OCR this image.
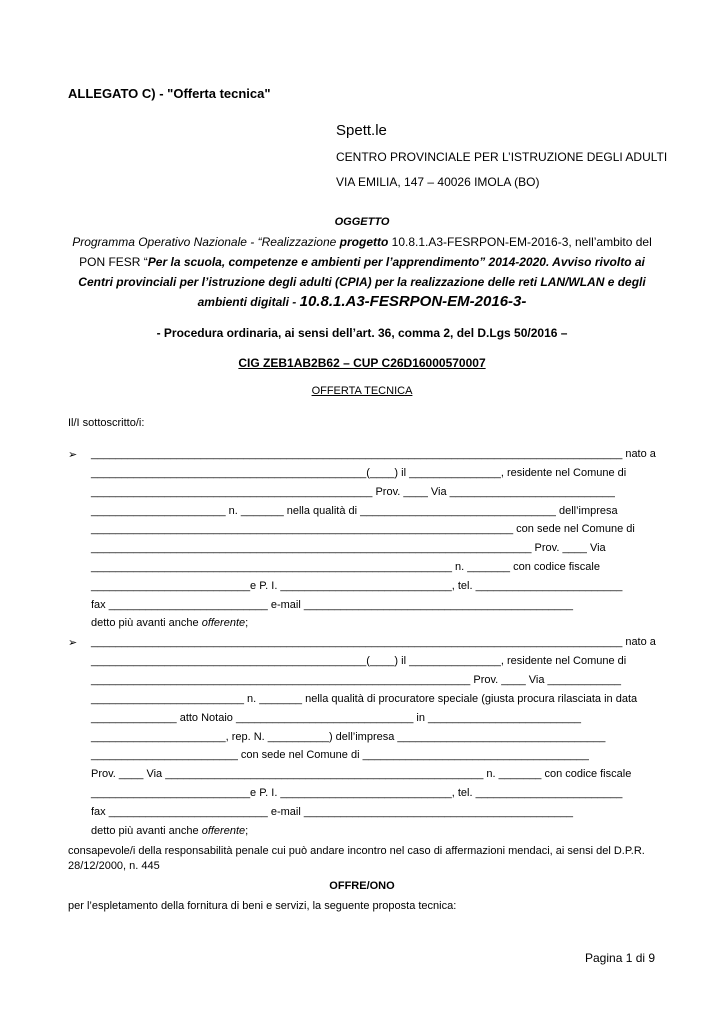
ALLEGATO C) - "Offerta tecnica"
Spett.le
CENTRO PROVINCIALE PER L’ISTRUZIONE DEGLI ADULTI
VIA EMILIA, 147 – 40026 IMOLA (BO)
OGGETTO
Programma Operativo Nazionale - “Realizzazione progetto 10.8.1.A3-FESRPON-EM-2016-3, nell’ambito del PON FESR “Per la scuola, competenze e ambienti per l’apprendimento” 2014-2020. Avviso rivolto ai Centri provinciali per l’istruzione degli adulti (CPIA) per la realizzazione delle reti LAN/WLAN e degli ambienti digitali - 10.8.1.A3-FESRPON-EM-2016-3-
- Procedura ordinaria, ai sensi dell’art. 36, comma 2, del D.Lgs 50/2016 –
CIG ZEB1AB2B62 – CUP C26D16000570007
OFFERTA TECNICA
Il/I sottoscritto/i:
➢ _______________________________________________________________________________________ nato a
_____________________________________________(____) il _______________, residente nel Comune di
______________________________________________ Prov. ____ Via ___________________________
______________________ n. _______ nella qualità di ________________________________ dell’impresa
_____________________________________________________________________ con sede nel Comune di
________________________________________________________________________ Prov. ____ Via
___________________________________________________________ n. _______ con codice fiscale
__________________________e P. I. ____________________________, tel. ________________________
fax __________________________ e-mail ____________________________________________
detto più avanti anche offerente;
➢ _______________________________________________________________________________________ nato a
_____________________________________________(____) il _______________, residente nel Comune di
______________________________________________________________ Prov. ____ Via ____________
_________________________ n. _______ nella qualità di procuratore speciale (giusta procura rilasciata in data
______________ atto Notaio _____________________________ in _________________________
______________________, rep. N. __________) dell’impresa __________________________________
________________________ con sede nel Comune di _____________________________________
Prov. ____ Via ____________________________________________________ n. _______ con codice fiscale
__________________________e P. I. ____________________________, tel. ________________________
fax __________________________ e-mail ____________________________________________
detto più avanti anche offerente;
consapevole/i della responsabilità penale cui può andare incontro nel caso di affermazioni mendaci, ai sensi del D.P.R. 28/12/2000, n. 445
OFFRE/ONO
per l’espletamento della fornitura di beni e servizi, la seguente proposta tecnica:
Pagina 1 di 9
